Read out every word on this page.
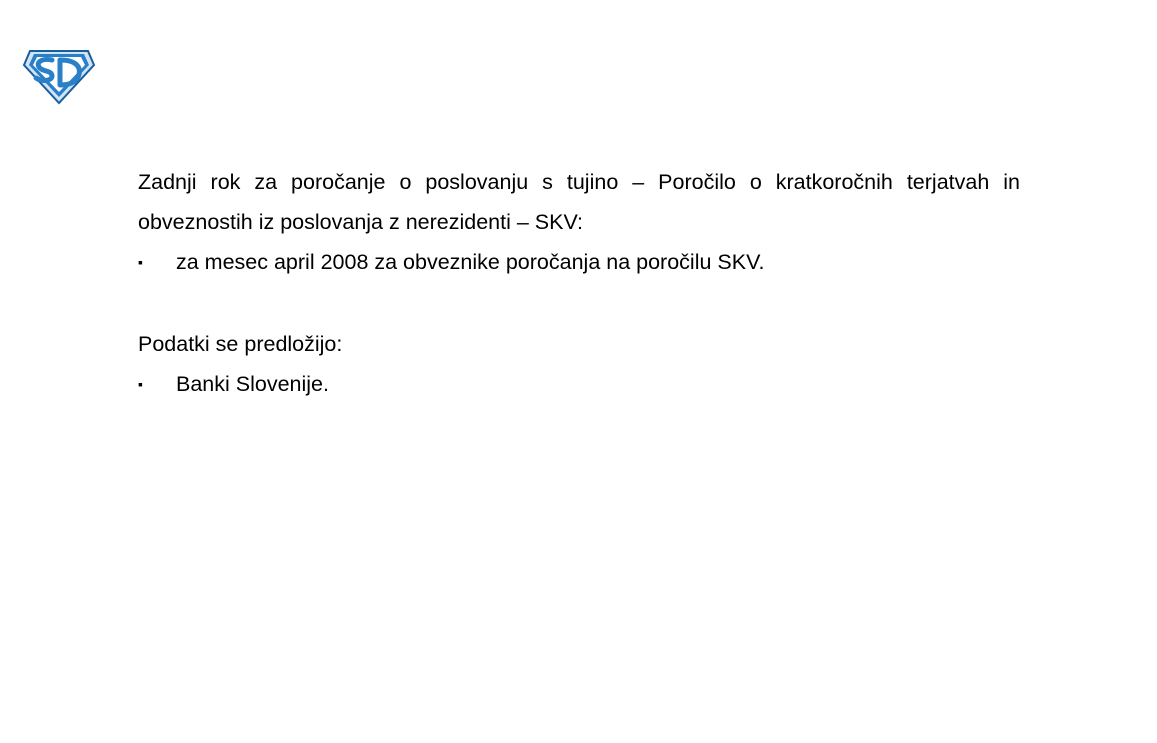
Zadnji rok za poročanje o poslovanju s tujino – Poročilo o kratkoročnih terjatvah in obveznostih iz poslovanja z nerezidenti – SKV:

▪	za mesec april 2008 za obveznike poročanja na poročilu SKV.

Podatki se predložijo:

▪	Banki Slovenije.
